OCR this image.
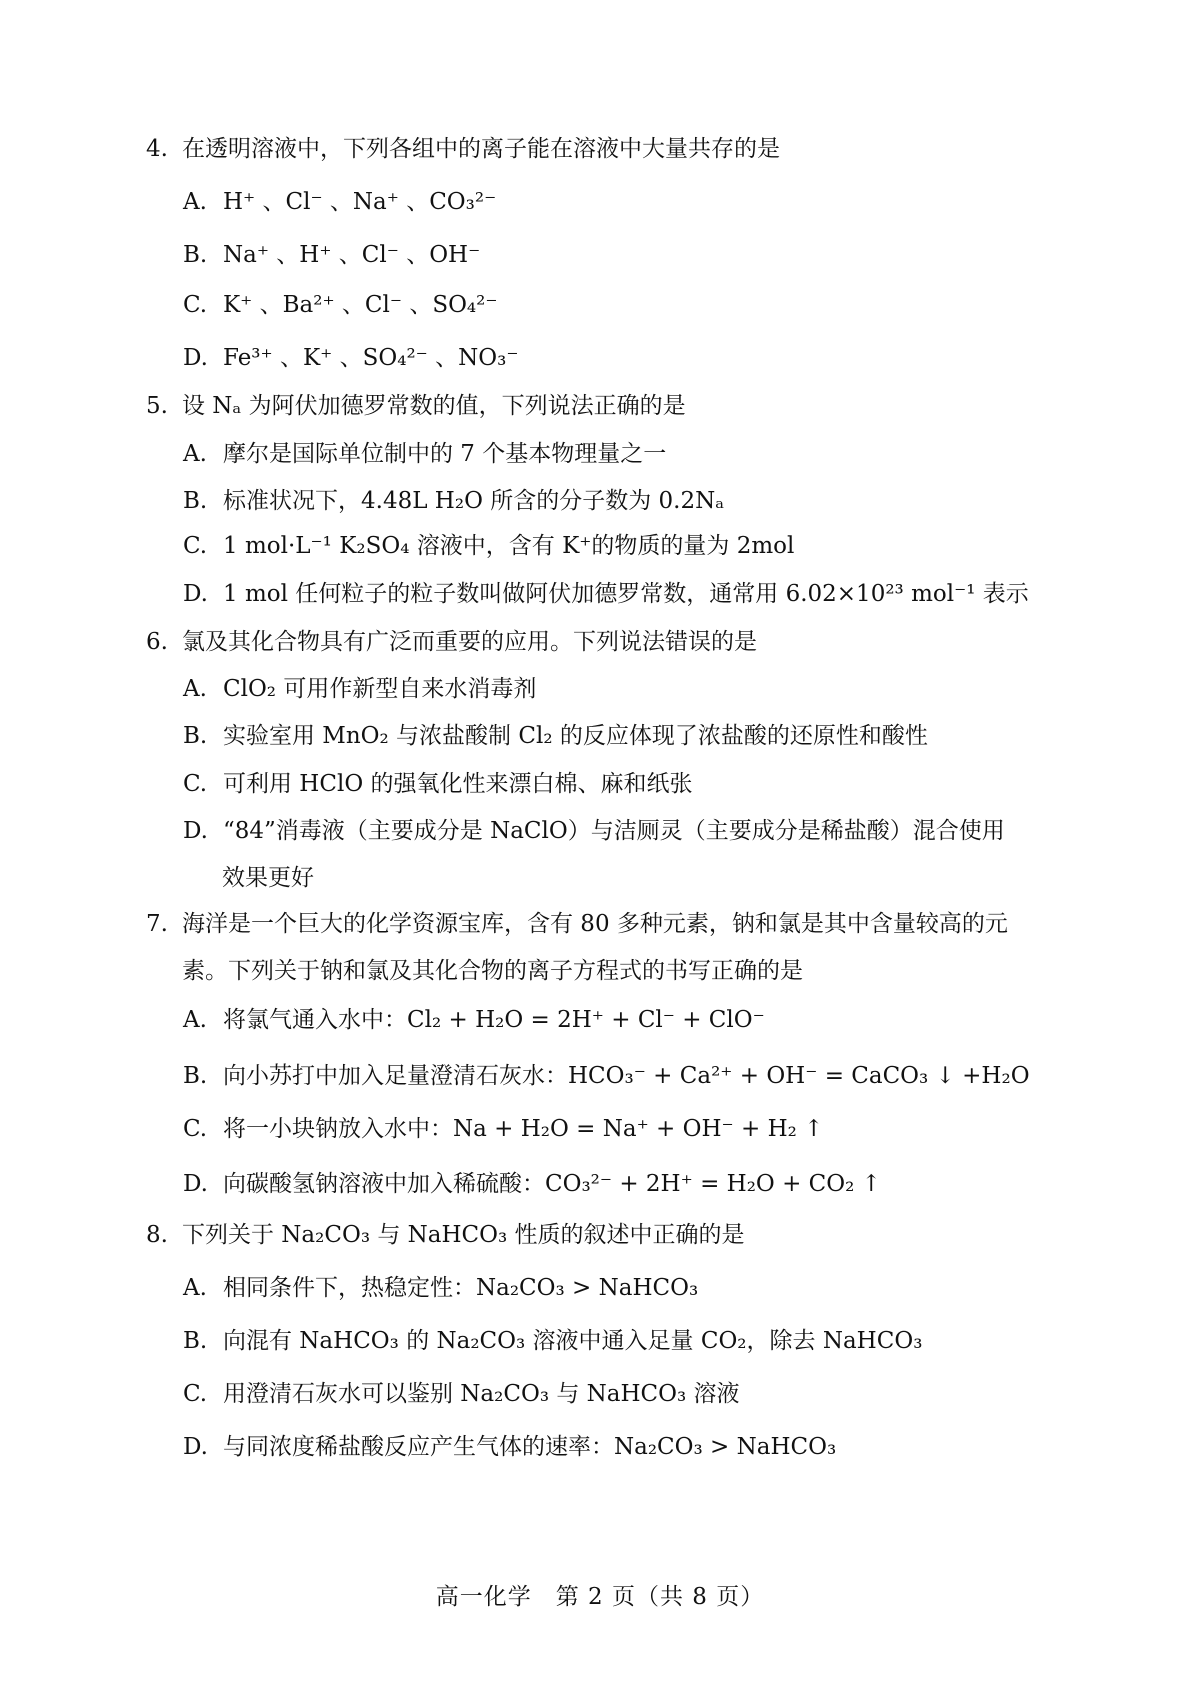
4. 在透明溶液中，下列各组中的离子能在溶液中大量共存的是
A. H⁺ 、Cl⁻ 、Na⁺ 、CO₃²⁻
B. Na⁺ 、H⁺ 、Cl⁻ 、OH⁻
C. K⁺ 、Ba²⁺ 、Cl⁻ 、SO₄²⁻
D. Fe³⁺ 、K⁺ 、SO₄²⁻ 、NO₃⁻
5. 设 Nₐ 为阿伏加德罗常数的值，下列说法正确的是
A. 摩尔是国际单位制中的 7 个基本物理量之一
B. 标准状况下，4.48L H₂O 所含的分子数为 0.2Nₐ
C. 1 mol·L⁻¹ K₂SO₄ 溶液中，含有 K⁺的物质的量为 2mol
D. 1 mol 任何粒子的粒子数叫做阿伏加德罗常数，通常用 6.02×10²³ mol⁻¹ 表示
6. 氯及其化合物具有广泛而重要的应用。下列说法错误的是
A. ClO₂ 可用作新型自来水消毒剂
B. 实验室用 MnO₂ 与浓盐酸制 Cl₂ 的反应体现了浓盐酸的还原性和酸性
C. 可利用 HClO 的强氧化性来漂白棉、麻和纸张
D. “84”消毒液（主要成分是 NaClO）与洁厕灵（主要成分是稀盐酸）混合使用
效果更好
7. 海洋是一个巨大的化学资源宝库，含有 80 多种元素，钠和氯是其中含量较高的元
素。下列关于钠和氯及其化合物的离子方程式的书写正确的是
A. 将氯气通入水中：Cl₂ + H₂O = 2H⁺ + Cl⁻ + ClO⁻
B. 向小苏打中加入足量澄清石灰水：HCO₃⁻ + Ca²⁺ + OH⁻ = CaCO₃ ↓ +H₂O
C. 将一小块钠放入水中：Na + H₂O = Na⁺ + OH⁻ + H₂ ↑
D. 向碳酸氢钠溶液中加入稀硫酸：CO₃²⁻ + 2H⁺ = H₂O + CO₂ ↑
8. 下列关于 Na₂CO₃ 与 NaHCO₃ 性质的叙述中正确的是
A. 相同条件下，热稳定性：Na₂CO₃ > NaHCO₃
B. 向混有 NaHCO₃ 的 Na₂CO₃ 溶液中通入足量 CO₂，除去 NaHCO₃
C. 用澄清石灰水可以鉴别 Na₂CO₃ 与 NaHCO₃ 溶液
D. 与同浓度稀盐酸反应产生气体的速率：Na₂CO₃ > NaHCO₃
高一化学　第 2 页（共 8 页）
